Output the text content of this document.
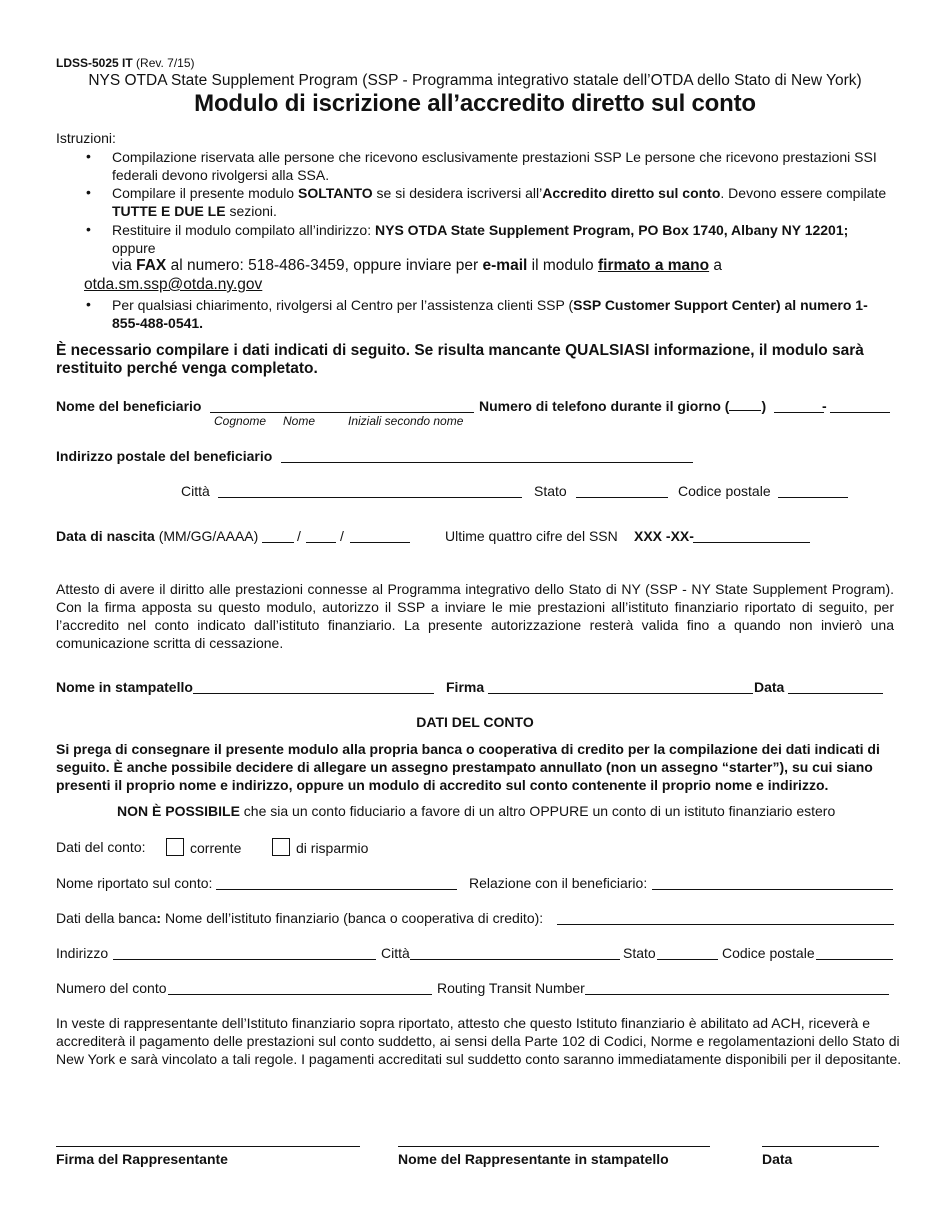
LDSS-5025 IT (Rev. 7/15)
NYS OTDA State Supplement Program (SSP - Programma integrativo statale dell’OTDA dello Stato di New York)
Modulo di iscrizione all’accredito diretto sul conto
Istruzioni:
• Compilazione riservata alle persone che ricevono esclusivamente prestazioni SSP Le persone che ricevono prestazioni SSI federali devono rivolgersi alla SSA.
• Compilare il presente modulo SOLTANTO se si desidera iscriversi all’Accredito diretto sul conto. Devono essere compilate TUTTE E DUE LE sezioni.
• Restituire il modulo compilato all’indirizzo: NYS OTDA State Supplement Program, PO Box 1740, Albany NY 12201;
oppure
via FAX al numero: 518-486-3459, oppure inviare per e-mail il modulo firmato a mano a
otda.sm.ssp@otda.ny.gov
• Per qualsiasi chiarimento, rivolgersi al Centro per l’assistenza clienti SSP (SSP Customer Support Center) al numero 1-855-488-0541.
È necessario compilare i dati indicati di seguito. Se risulta mancante QUALSIASI informazione, il modulo sarà restituito perché venga completato.
Nome del beneficiario
Cognome Nome	Iniziali secondo nome
Numero di telefono durante il giorno ( )	-
Indirizzo postale del beneficiario
Città	Stato	Codice postale
Data di nascita (MM/GG/AAAA)	/	/	Ultime quattro cifre del SSN XXX -XX-
Attesto di avere il diritto alle prestazioni connesse al Programma integrativo dello Stato di NY (SSP - NY State Supplement Program). Con la firma apposta su questo modulo, autorizzo il SSP a inviare le mie prestazioni all’istituto finanziario riportato di seguito, per l’accredito nel conto indicato dall’istituto finanziario. La presente autorizzazione resterà valida fino a quando non invierò una comunicazione scritta di cessazione.
Nome in stampatello	Firma	Data
DATI DEL CONTO
Si prega di consegnare il presente modulo alla propria banca o cooperativa di credito per la compilazione dei dati indicati di seguito. È anche possibile decidere di allegare un assegno prestampato annullato (non un assegno “starter”), su cui siano presenti il proprio nome e indirizzo, oppure un modulo di accredito sul conto contenente il proprio nome e indirizzo.
NON È POSSIBILE che sia un conto fiduciario a favore di un altro OPPURE un conto di un istituto finanziario estero
Dati del conto:	corrente	di risparmio
Nome riportato sul conto:	Relazione con il beneficiario:
Dati della banca: Nome dell’istituto finanziario (banca o cooperativa di credito):
Indirizzo	Città	Stato	Codice postale
Numero del conto	Routing Transit Number
In veste di rappresentante dell’Istituto finanziario sopra riportato, attesto che questo Istituto finanziario è abilitato ad ACH, riceverà e accrediterà il pagamento delle prestazioni sul conto suddetto, ai sensi della Parte 102 di Codici, Norme e regolamentazioni dello Stato di New York e sarà vincolato a tali regole. I pagamenti accreditati sul suddetto conto saranno immediatamente disponibili per il depositante.
Firma del Rappresentante	Nome del Rappresentante in stampatello	Data
